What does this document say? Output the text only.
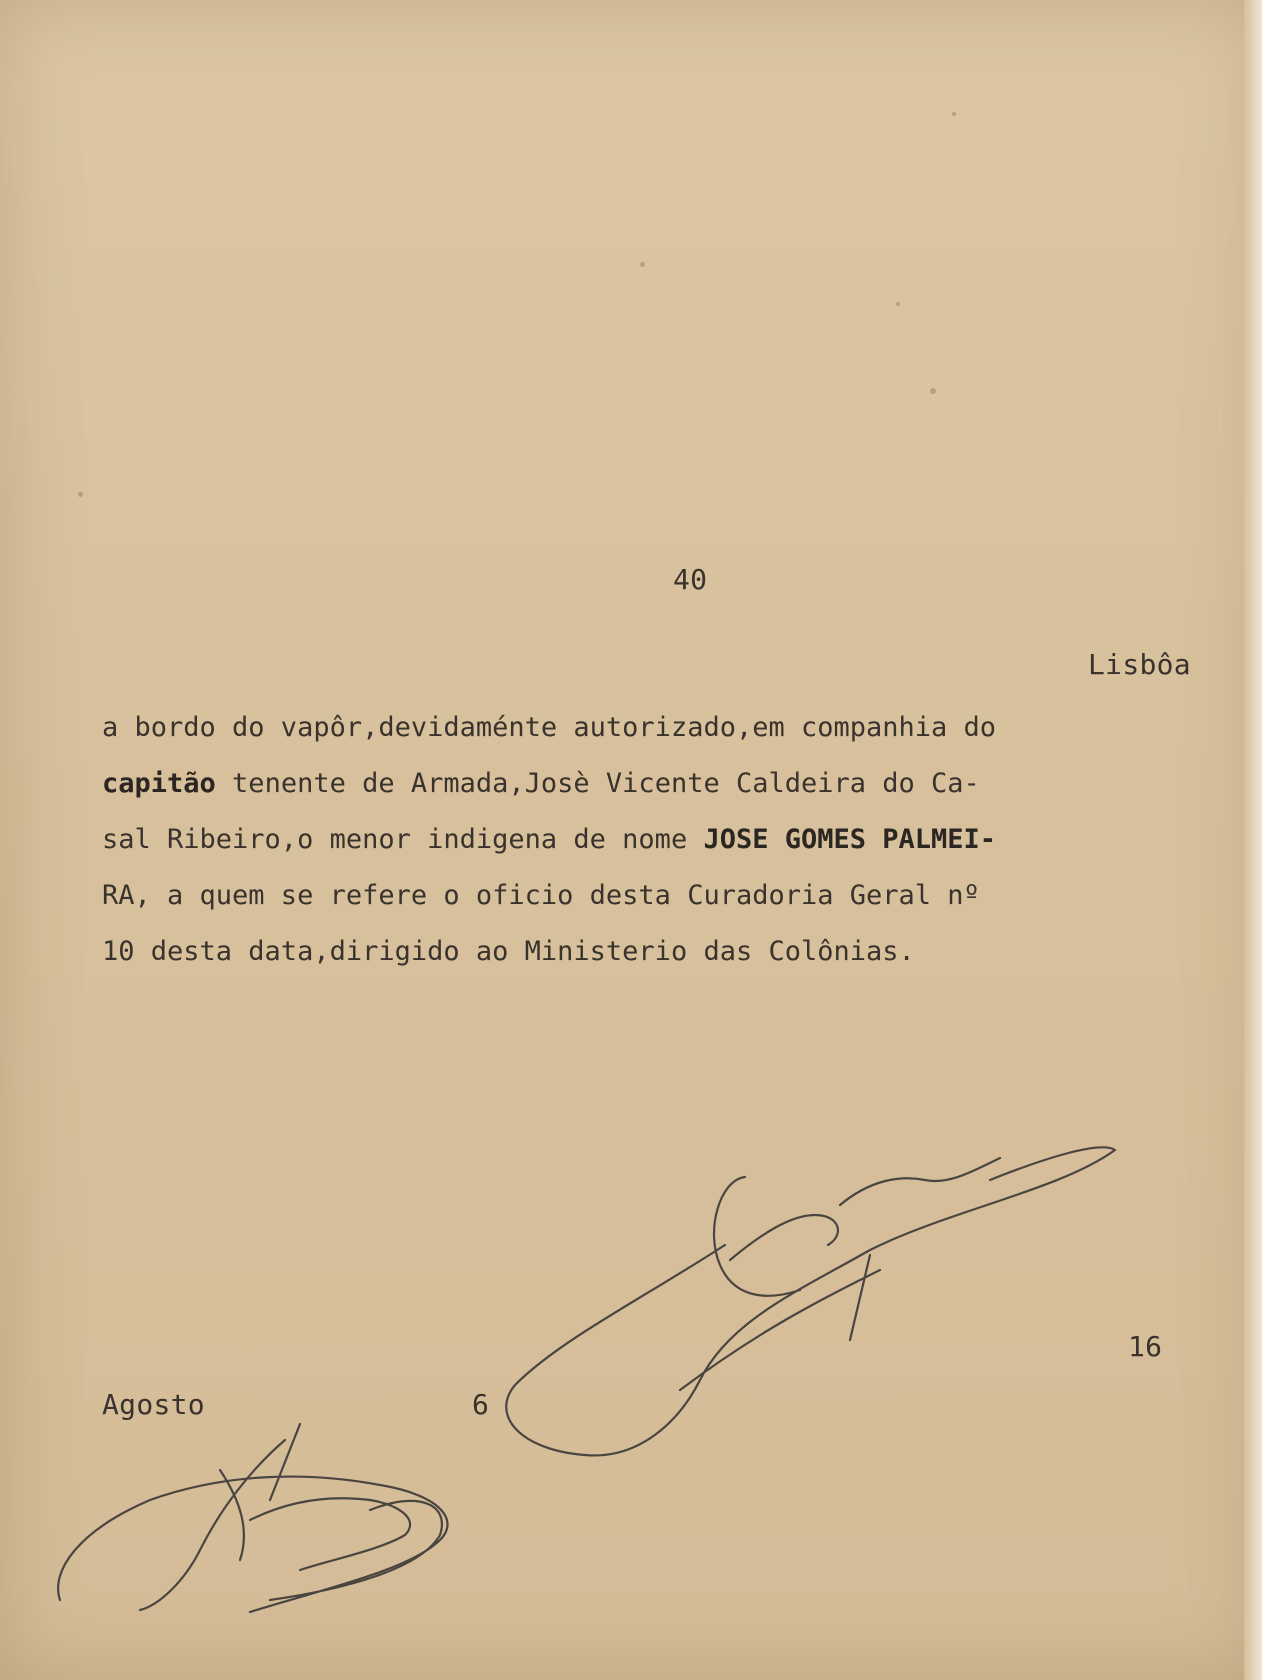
40
Lisbôa
a bordo do vapôr,devidaménte autorizado,em companhia do
capitão tenente de Armada,Josè Vicente Caldeira do Ca-
sal Ribeiro,o menor indigena de nome JOSE GOMES PALMEI-
RA, a quem se refere o oficio desta Curadoria Geral nº
10 desta data,dirigido ao Ministerio das Colônias.
16
Agosto	6
